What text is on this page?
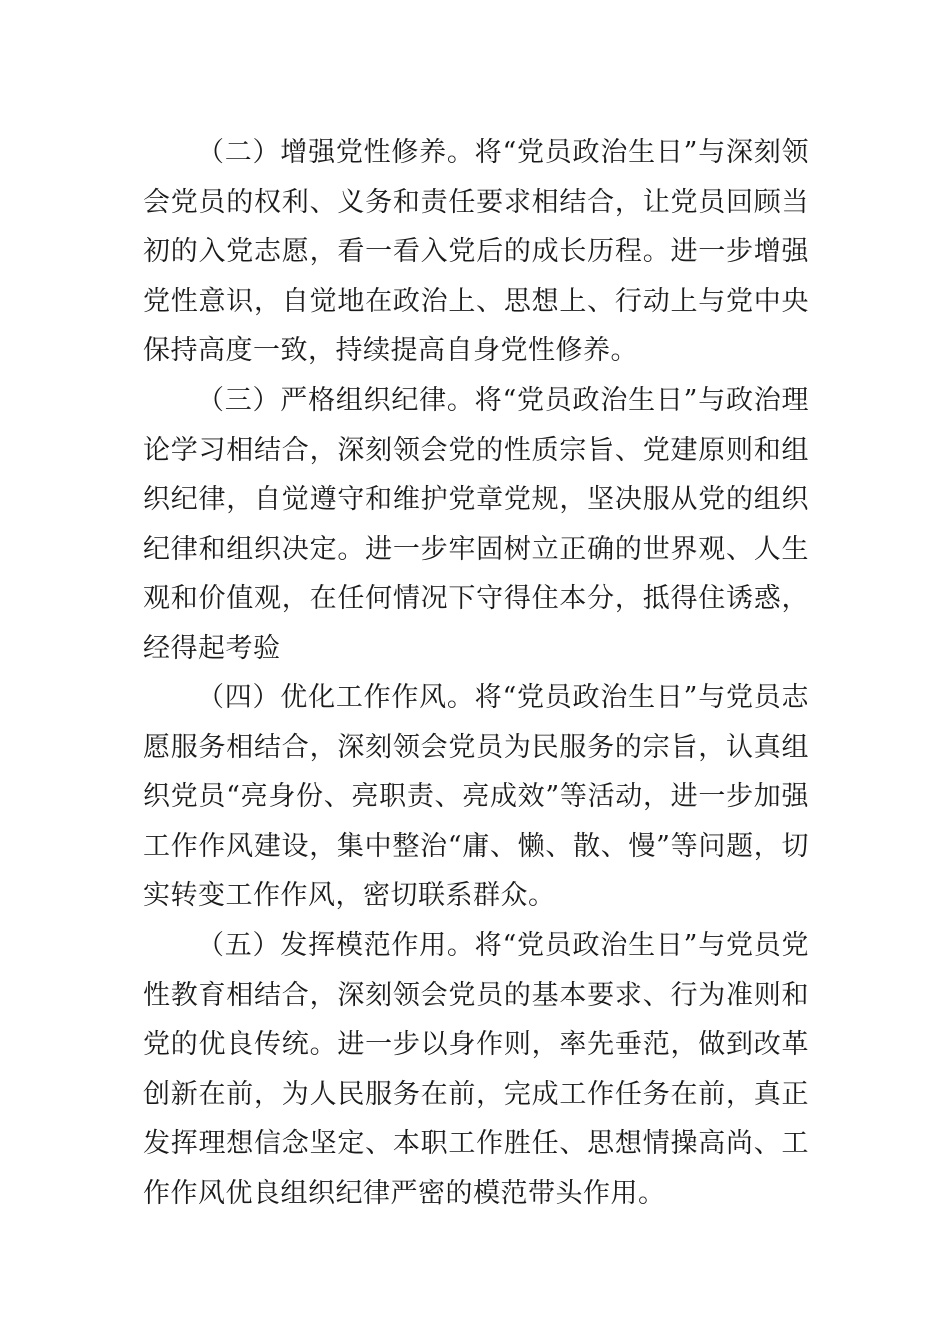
（二）增强党性修养。将“党员政治生日”与深刻领会党员的权利、义务和责任要求相结合，让党员回顾当初的入党志愿，看一看入党后的成长历程。进一步增强党性意识，自觉地在政治上、思想上、行动上与党中央保持高度一致，持续提高自身党性修养。

（三）严格组织纪律。将“党员政治生日”与政治理论学习相结合，深刻领会党的性质宗旨、党建原则和组织纪律，自觉遵守和维护党章党规，坚决服从党的组织纪律和组织决定。进一步牢固树立正确的世界观、人生观和价值观，在任何情况下守得住本分，抵得住诱惑，经得起考验

（四）优化工作作风。将“党员政治生日”与党员志愿服务相结合，深刻领会党员为民服务的宗旨，认真组织党员“亮身份、亮职责、亮成效”等活动，进一步加强工作作风建设，集中整治“庸、懒、散、慢”等问题，切实转变工作作风，密切联系群众。

（五）发挥模范作用。将“党员政治生日”与党员党性教育相结合，深刻领会党员的基本要求、行为准则和党的优良传统。进一步以身作则，率先垂范，做到改革创新在前，为人民服务在前，完成工作任务在前，真正发挥理想信念坚定、本职工作胜任、思想情操高尚、工作作风优良组织纪律严密的模范带头作用。
